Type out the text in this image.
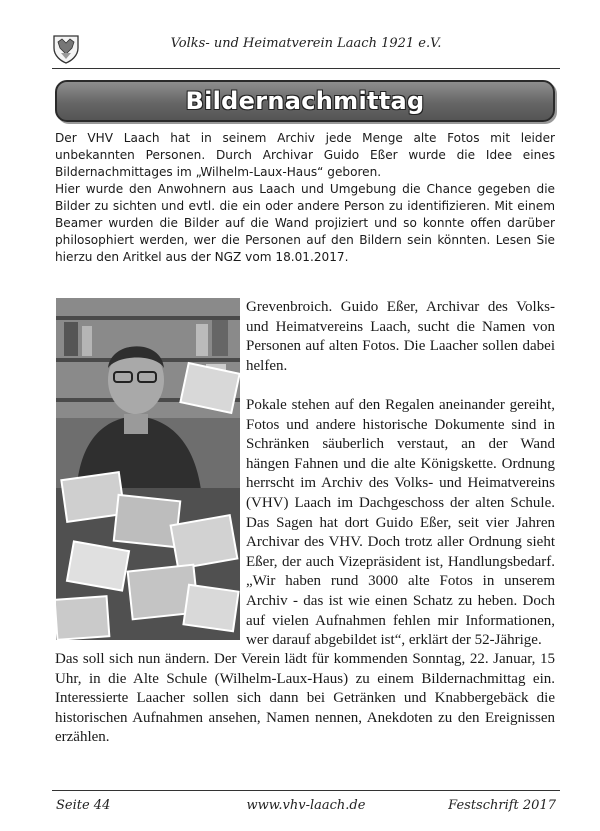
Volks- und Heimatverein Laach 1921 e.V.
Bildernachmittag

Der VHV Laach hat in seinem Archiv jede Menge alte Fotos mit leider unbekannten Personen. Durch Archivar Guido Eßer wurde die Idee eines Bildernachmittages im „Wilhelm-Laux-Haus“ geboren.

Hier wurde den Anwohnern aus Laach und Umgebung die Chance gegeben die Bilder zu sichten und evtl. die ein oder andere Person zu identifizieren. Mit einem Beamer wurden die Bilder auf die Wand projiziert und so konnte offen darüber philosophiert werden, wer die Personen auf den Bildern sein könnten. Lesen Sie hierzu den Aritkel aus der NGZ vom 18.01.2017.

Grevenbroich. Guido Eßer, Archivar des Volks- und Heimatvereins Laach, sucht die Namen von Personen auf alten Fotos. Die Laacher sollen dabei helfen.

Pokale stehen auf den Regalen aneinander gereiht, Fotos und andere historische Dokumente sind in Schränken säuberlich verstaut, an der Wand hängen Fahnen und die alte Königskette. Ordnung herrscht im Archiv des Volks- und Heimatvereins (VHV) Laach im Dachgeschoss der alten Schule. Das Sagen hat dort Guido Eßer, seit vier Jahren Archivar des VHV. Doch trotz aller Ordnung sieht Eßer, der auch Vizepräsident ist, Handlungsbedarf. „Wir haben rund 3000 alte Fotos in unserem Archiv - das ist wie einen Schatz zu heben. Doch auf vielen Aufnahmen fehlen mir Informationen, wer darauf abgebildet ist“, erklärt der 52-Jährige.

Das soll sich nun ändern. Der Verein lädt für kommenden Sonntag, 22. Januar, 15 Uhr, in die Alte Schule (Wilhelm-Laux-Haus) zu einem Bildernachmittag ein. Interessierte Laacher sollen sich dann bei Getränken und Knabbergebäck die historischen Aufnahmen ansehen, Namen nennen, Anekdoten zu den Ereignissen erzählen.

Seite 44	www.vhv-laach.de	Festschrift 2017
